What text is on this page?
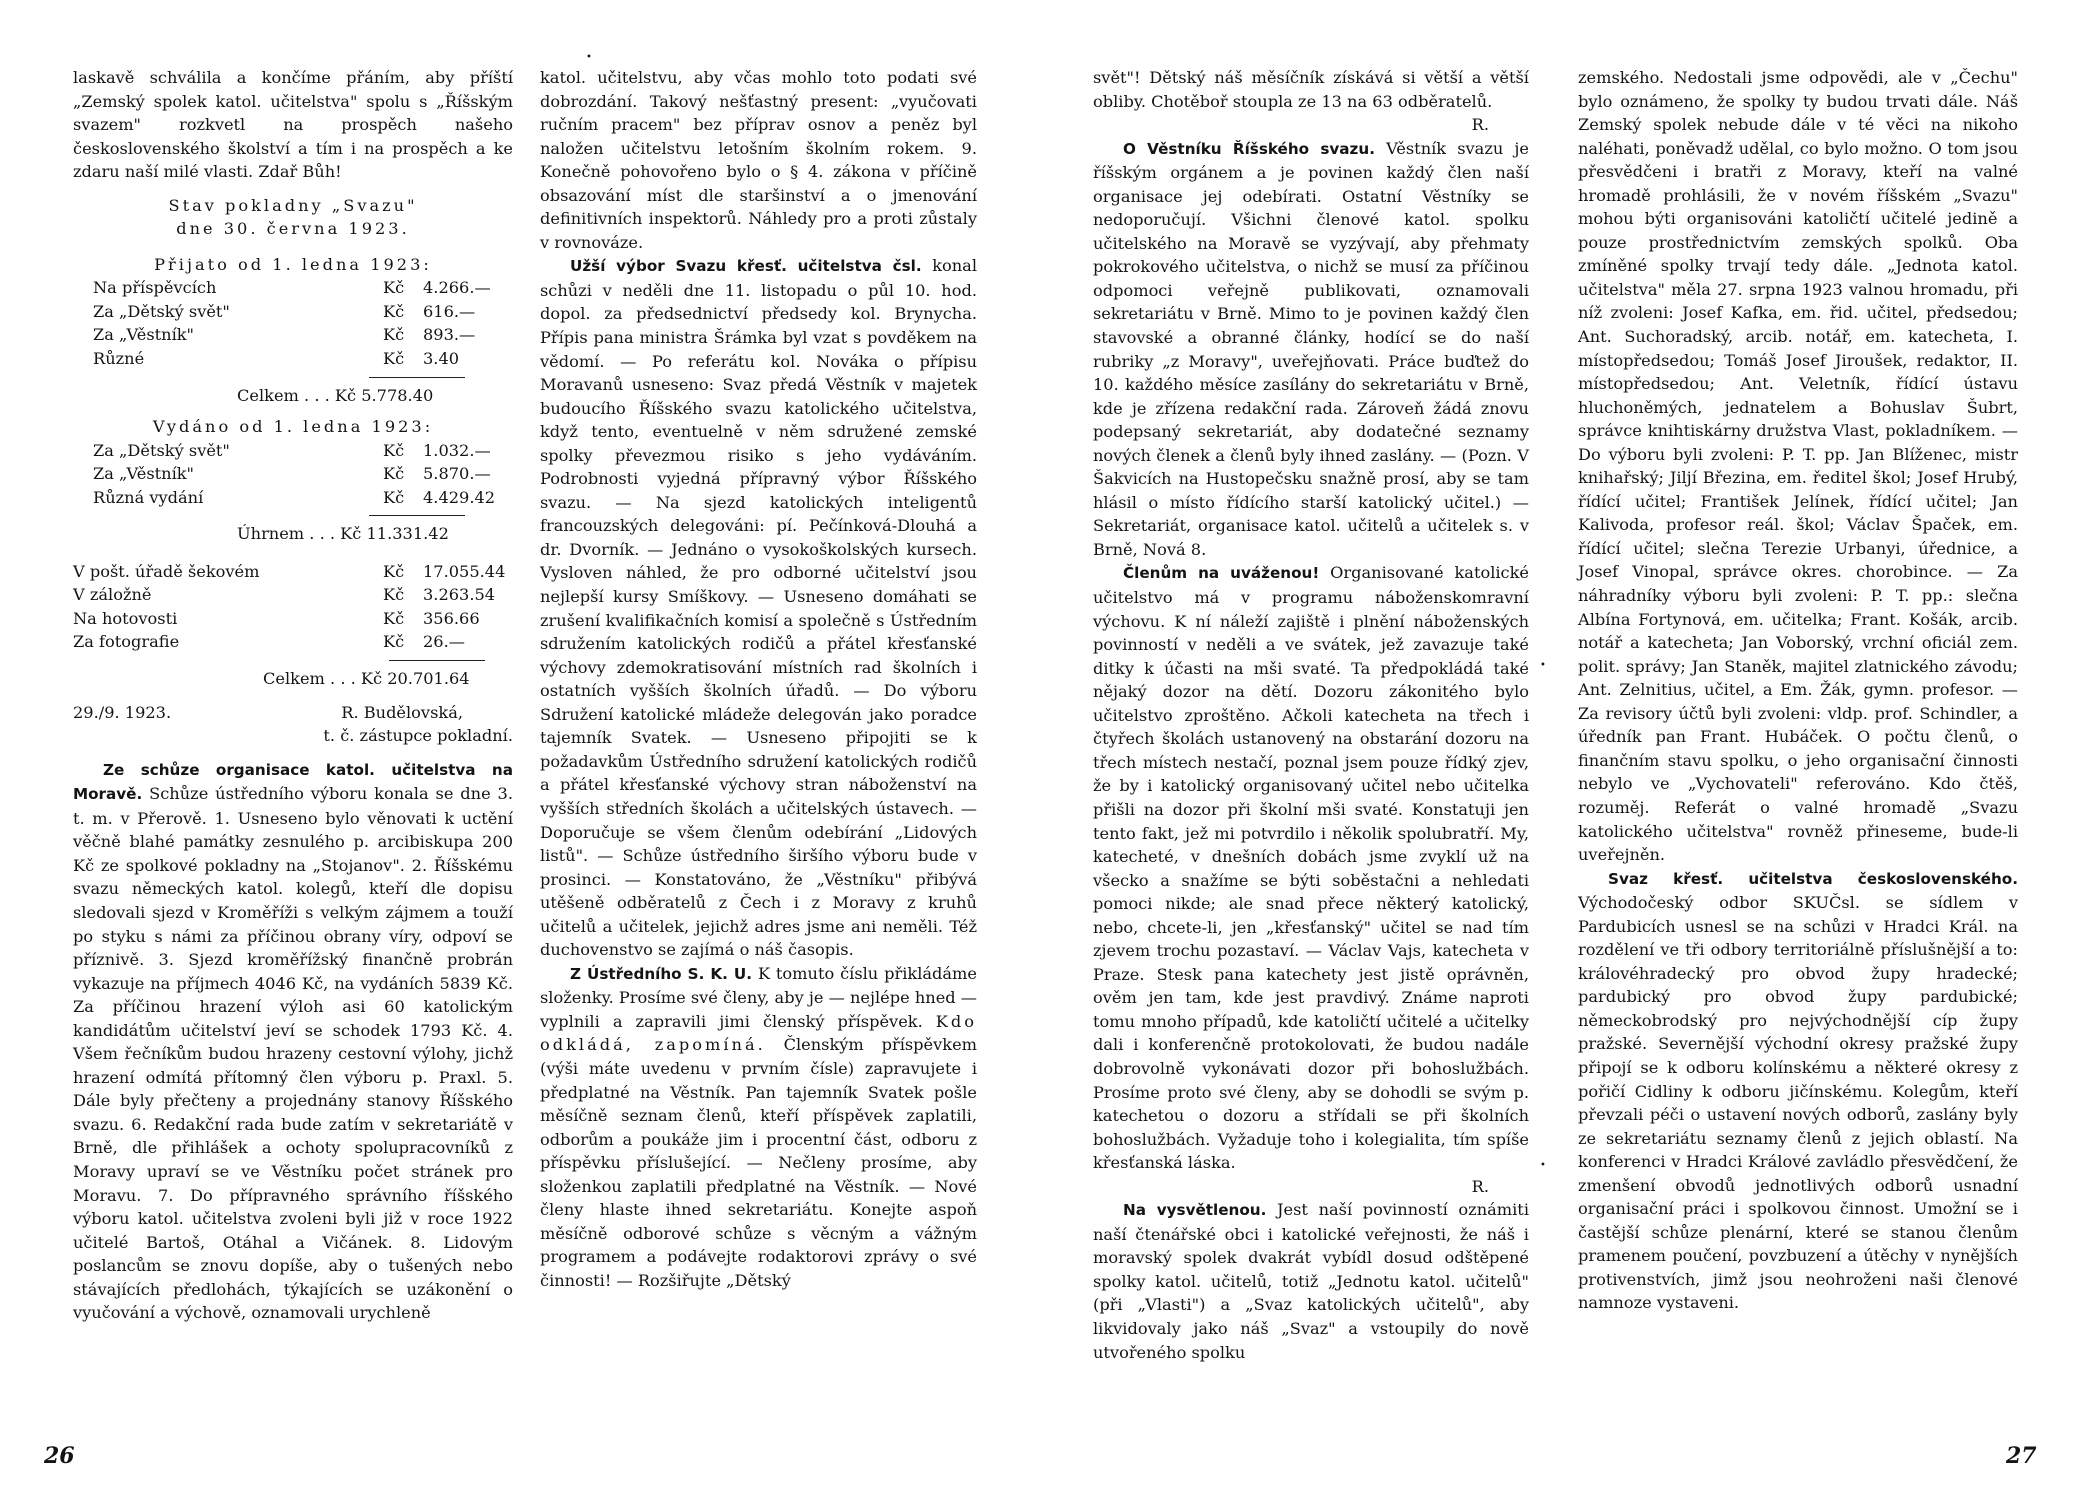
laskavě schválila a končíme přáním, aby příští „Zemský spolek katol. učitelstva" spolu s „Říšským svazem" rozkvetl na prospěch našeho československého školství a tím i na prospěch a ke zdaru naší milé vlasti. Zdař Bůh!

Stav pokladny „Svazu"

dne 30. června 1923.

Přijato od 1. ledna 1923:

Na příspěvcích	Kč	4.266.—
Za „Dětský svět"	Kč	616.—
Za „Věstník"	Kč	893.—
Různé	Kč	3.40
Celkem . . . Kč 5.778.40

Vydáno od 1. ledna 1923:

Za „Dětský svět"	Kč	1.032.—
Za „Věstník"	Kč	5.870.—
Různá vydání	Kč	4.429.42
Úhrnem . . . Kč 11.331.42
V pošt. úřadě šekovém	Kč	17.055.44
V záložně	Kč	3.263.54
Na hotovosti	Kč	356.66
Za fotografie	Kč	26.—
Celkem . . . Kč 20.701.64
29./9. 1923.	R. Budělovská,

t. č. zástupce pokladní.

Ze schůze organisace katol. učitelstva na Moravě. Schůze ústředního výboru konala se dne 3. t. m. v Přerově. 1. Usneseno bylo věnovati k uctění věčně blahé památky zesnulého p. arcibiskupa 200 Kč ze spolkové pokladny na „Stojanov". 2. Říšskému svazu německých katol. kolegů, kteří dle dopisu sledovali sjezd v Kroměříži s velkým zájmem a touží po styku s námi za příčinou obrany víry, odpoví se příznivě. 3. Sjezd kroměřížský finančně probrán vykazuje na příjmech 4046 Kč, na vydáních 5839 Kč. Za příčinou hrazení výloh asi 60 katolickým kandidátům učitelství jeví se schodek 1793 Kč. 4. Všem řečníkům budou hrazeny cestovní výlohy, jichž hrazení odmítá přítomný člen výboru p. Praxl. 5. Dále byly přečteny a projednány stanovy Říšského svazu. 6. Redakční rada bude zatím v sekretariátě v Brně, dle přihlášek a ochoty spolupracovníků z Moravy upraví se ve Věstníku počet stránek pro Moravu. 7. Do přípravného správního říšského výboru katol. učitelstva zvoleni byli již v roce 1922 učitelé Bartoš, Otáhal a Vičánek. 8. Lidovým poslancům se znovu dopíše, aby o tušených nebo stávajících předlohách, týkajících se uzákonění o vyučování a výchově, oznamovali urychleně

katol. učitelstvu, aby včas mohlo toto podati své dobrozdání. Takový nešťastný present: „vyučovati ručním pracem" bez příprav osnov a peněz byl naložen učitelstvu letošním školním rokem. 9. Konečně pohovořeno bylo o § 4. zákona v příčině obsazování míst dle staršinství a o jmenování definitivních inspektorů. Náhledy pro a proti zůstaly v rovnováze.

Užší výbor Svazu křesť. učitelstva čsl. konal schůzi v neděli dne 11. listopadu o půl 10. hod. dopol. za předsednictví předsedy kol. Brynycha. Přípis pana ministra Šrámka byl vzat s povděkem na vědomí. — Po referátu kol. Nováka o přípisu Moravanů usneseno: Svaz předá Věstník v majetek budoucího Říšského svazu katolického učitelstva, když tento, eventuelně v něm sdružené zemské spolky převezmou risiko s jeho vydáváním. Podrobnosti vyjedná přípravný výbor Říšského svazu. — Na sjezd katolických inteligentů francouzských delegováni: pí. Pečínková-Dlouhá a dr. Dvorník. — Jednáno o vysokoškolských kursech. Vysloven náhled, že pro odborné učitelství jsou nejlepší kursy Smíškovy. — Usneseno domáhati se zrušení kvalifikačních komisí a společně s Ústředním sdružením katolických rodičů a přátel křesťanské výchovy zdemokratisování místních rad školních i ostatních vyšších školních úřadů. — Do výboru Sdružení katolické mládeže delegován jako poradce tajemník Svatek. — Usneseno připojiti se k požadavkům Ústředního sdružení katolických rodičů a přátel křesťanské výchovy stran náboženství na vyšších středních školách a učitelských ústavech. — Doporučuje se všem členům odebírání „Lidových listů". — Schůze ústředního širšího výboru bude v prosinci. — Konstatováno, že „Věstníku" přibývá utěšeně odběratelů z Čech i z Moravy z kruhů učitelů a učitelek, jejichž adres jsme ani neměli. Též duchovenstvo se zajímá o náš časopis.

Z Ústředního S. K. U. K tomuto číslu přikládáme složenky. Prosíme své členy, aby je — nejlépe hned — vyplnili a zapravili jimi členský příspěvek. Kdo odkládá, zapomíná. Členským příspěvkem (výši máte uvedenu v prvním čísle) zapravujete i předplatné na Věstník. Pan tajemník Svatek pošle měsíčně seznam členů, kteří příspěvek zaplatili, odborům a poukáže jim i procentní část, odboru z příspěvku příslušející. — Nečleny prosíme, aby složenkou zaplatili předplatné na Věstník. — Nové členy hlaste ihned sekretariátu. Konejte aspoň měsíčně odborové schůze s věcným a vážným programem a podávejte rodaktorovi zprávy o své činnosti! — Rozšiřujte „Dětský

svět"! Dětský náš měsíčník získává si větší a větší obliby. Chotěboř stoupla ze 13 na 63 odběratelů.

R.

O Věstníku Říšského svazu. Věstník svazu je říšským orgánem a je povinen každý člen naší organisace jej odebírati. Ostatní Věstníky se nedoporučují. Všichni členové katol. spolku učitelského na Moravě se vyzývají, aby přehmaty pokrokového učitelstva, o nichž se musí za příčinou odpomoci veřejně publikovati, oznamovali sekretariátu v Brně. Mimo to je povinen každý člen stavovské a obranné články, hodící se do naší rubriky „z Moravy", uveřejňovati. Práce buďtež do 10. každého měsíce zasílány do sekretariátu v Brně, kde je zřízena redakční rada. Zároveň žádá znovu podepsaný sekretariát, aby dodatečné seznamy nových členek a členů byly ihned zaslány. — (Pozn. V Šakvicích na Hustopečsku snažně prosí, aby se tam hlásil o místo řídícího starší katolický učitel.) — Sekretariát, organisace katol. učitelů a učitelek s. v Brně, Nová 8.

Členům na uváženou! Organisované katolické učitelstvo má v programu náboženskomravní výchovu. K ní náleží zajiště i plnění náboženských povinností v neděli a ve svátek, jež zavazuje také ditky k účasti na mši svaté. Ta předpokládá také nějaký dozor na dětí. Dozoru zákonitého bylo učitelstvo zproštěno. Ačkoli katecheta na třech i čtyřech školách ustanovený na obstarání dozoru na třech místech nestačí, poznal jsem pouze řídký zjev, že by i katolický organisovaný učitel nebo učitelka přišli na dozor při školní mši svaté. Konstatuji jen tento fakt, jež mi potvrdilo i několik spolubratří. My, katecheté, v dnešních dobách jsme zvyklí už na všecko a snažíme se býti soběstačni a nehledati pomoci nikde; ale snad přece některý katolický, nebo, chcete-li, jen „křesťanský" učitel se nad tím zjevem trochu pozastaví. — Václav Vajs, katecheta v Praze. Stesk pana katechety jest jistě oprávněn, ověm jen tam, kde jest pravdivý. Známe naproti tomu mnoho případů, kde katoličtí učitelé a učitelky dali i konferenčně protokolovati, že budou nadále dobrovolně vykonávati dozor při bohoslužbách. Prosíme proto své členy, aby se dohodli se svým p. katechetou o dozoru a střídali se při školních bohoslužbách. Vyžaduje toho i kolegialita, tím spíše křesťanská láska.

R.

Na vysvětlenou. Jest naší povinností oznámiti naší čtenářské obci i katolické veřejnosti, že náš i moravský spolek dvakrát vybídl dosud odštěpené spolky katol. učitelů, totiž „Jednotu katol. učitelů" (při „Vlasti") a „Svaz katolických učitelů", aby likvidovaly jako náš „Svaz" a vstoupily do nově utvořeného spolku

zemského. Nedostali jsme odpovědi, ale v „Čechu" bylo oznámeno, že spolky ty budou trvati dále. Náš Zemský spolek nebude dále v té věci na nikoho naléhati, poněvadž udělal, co bylo možno. O tom jsou přesvědčeni i bratři z Moravy, kteří na valné hromadě prohlásili, že v novém říšském „Svazu" mohou býti organisováni katoličtí učitelé jedině a pouze prostřednictvím zemských spolků. Oba zmíněné spolky trvají tedy dále. „Jednota katol. učitelstva" měla 27. srpna 1923 valnou hromadu, při níž zvoleni: Josef Kafka, em. řid. učitel, předsedou; Ant. Suchoradský, arcib. notář, em. katecheta, I. místopředsedou; Tomáš Josef Jiroušek, redaktor, II. místopředsedou; Ant. Veletník, řídící ústavu hluchoněmých, jednatelem a Bohuslav Šubrt, správce knihtiskárny družstva Vlast, pokladníkem. — Do výboru byli zvoleni: P. T. pp. Jan Blíženec, mistr knihařský; Jiljí Březina, em. ředitel škol; Josef Hrubý, řídící učitel; František Jelínek, řídící učitel; Jan Kalivoda, profesor reál. škol; Václav Špaček, em. řídící učitel; slečna Terezie Urbanyi, úřednice, a Josef Vinopal, správce okres. chorobince. — Za náhradníky výboru byli zvoleni: P. T. pp.: slečna Albína Fortynová, em. učitelka; Frant. Košák, arcib. notář a katecheta; Jan Voborský, vrchní oficiál zem. polit. správy; Jan Staněk, majitel zlatnického závodu; Ant. Zelnitius, učitel, a Em. Žák, gymn. profesor. — Za revisory účtů byli zvoleni: vldp. prof. Schindler, a úředník pan Frant. Hubáček. O počtu členů, o finančním stavu spolku, o jeho organisační činnosti nebylo ve „Vychovateli" referováno. Kdo čtěš, rozuměj. Referát o valné hromadě „Svazu katolického učitelstva" rovněž přineseme, bude-li uveřejněn.

Svaz křesť. učitelstva československého. Východočeský odbor SKUČsl. se sídlem v Pardubicích usnesl se na schůzi v Hradci Král. na rozdělení ve tři odbory territoriálně příslušnější a to: královéhradecký pro obvod župy hradecké; pardubický pro obvod župy pardubické; německobrodský pro nejvýchodnější cíp župy pražské. Severnější východní okresy pražské župy připojí se k odboru kolínskému a některé okresy z pořičí Cidliny k odboru jičínskému. Kolegům, kteří převzali péči o ustavení nových odborů, zaslány byly ze sekretariátu seznamy členů z jejich oblastí. Na konferenci v Hradci Králové zavládlo přesvědčení, že zmenšení obvodů jednotlivých odborů usnadní organisační práci i spolkovou činnost. Umožní se i častější schůze plenární, které se stanou členům pramenem poučení, povzbuzení a útěchy v nynějších protivenstvích, jimž jsou neohroženi naši členové namnoze vystaveni.

26	27
•
•
•
